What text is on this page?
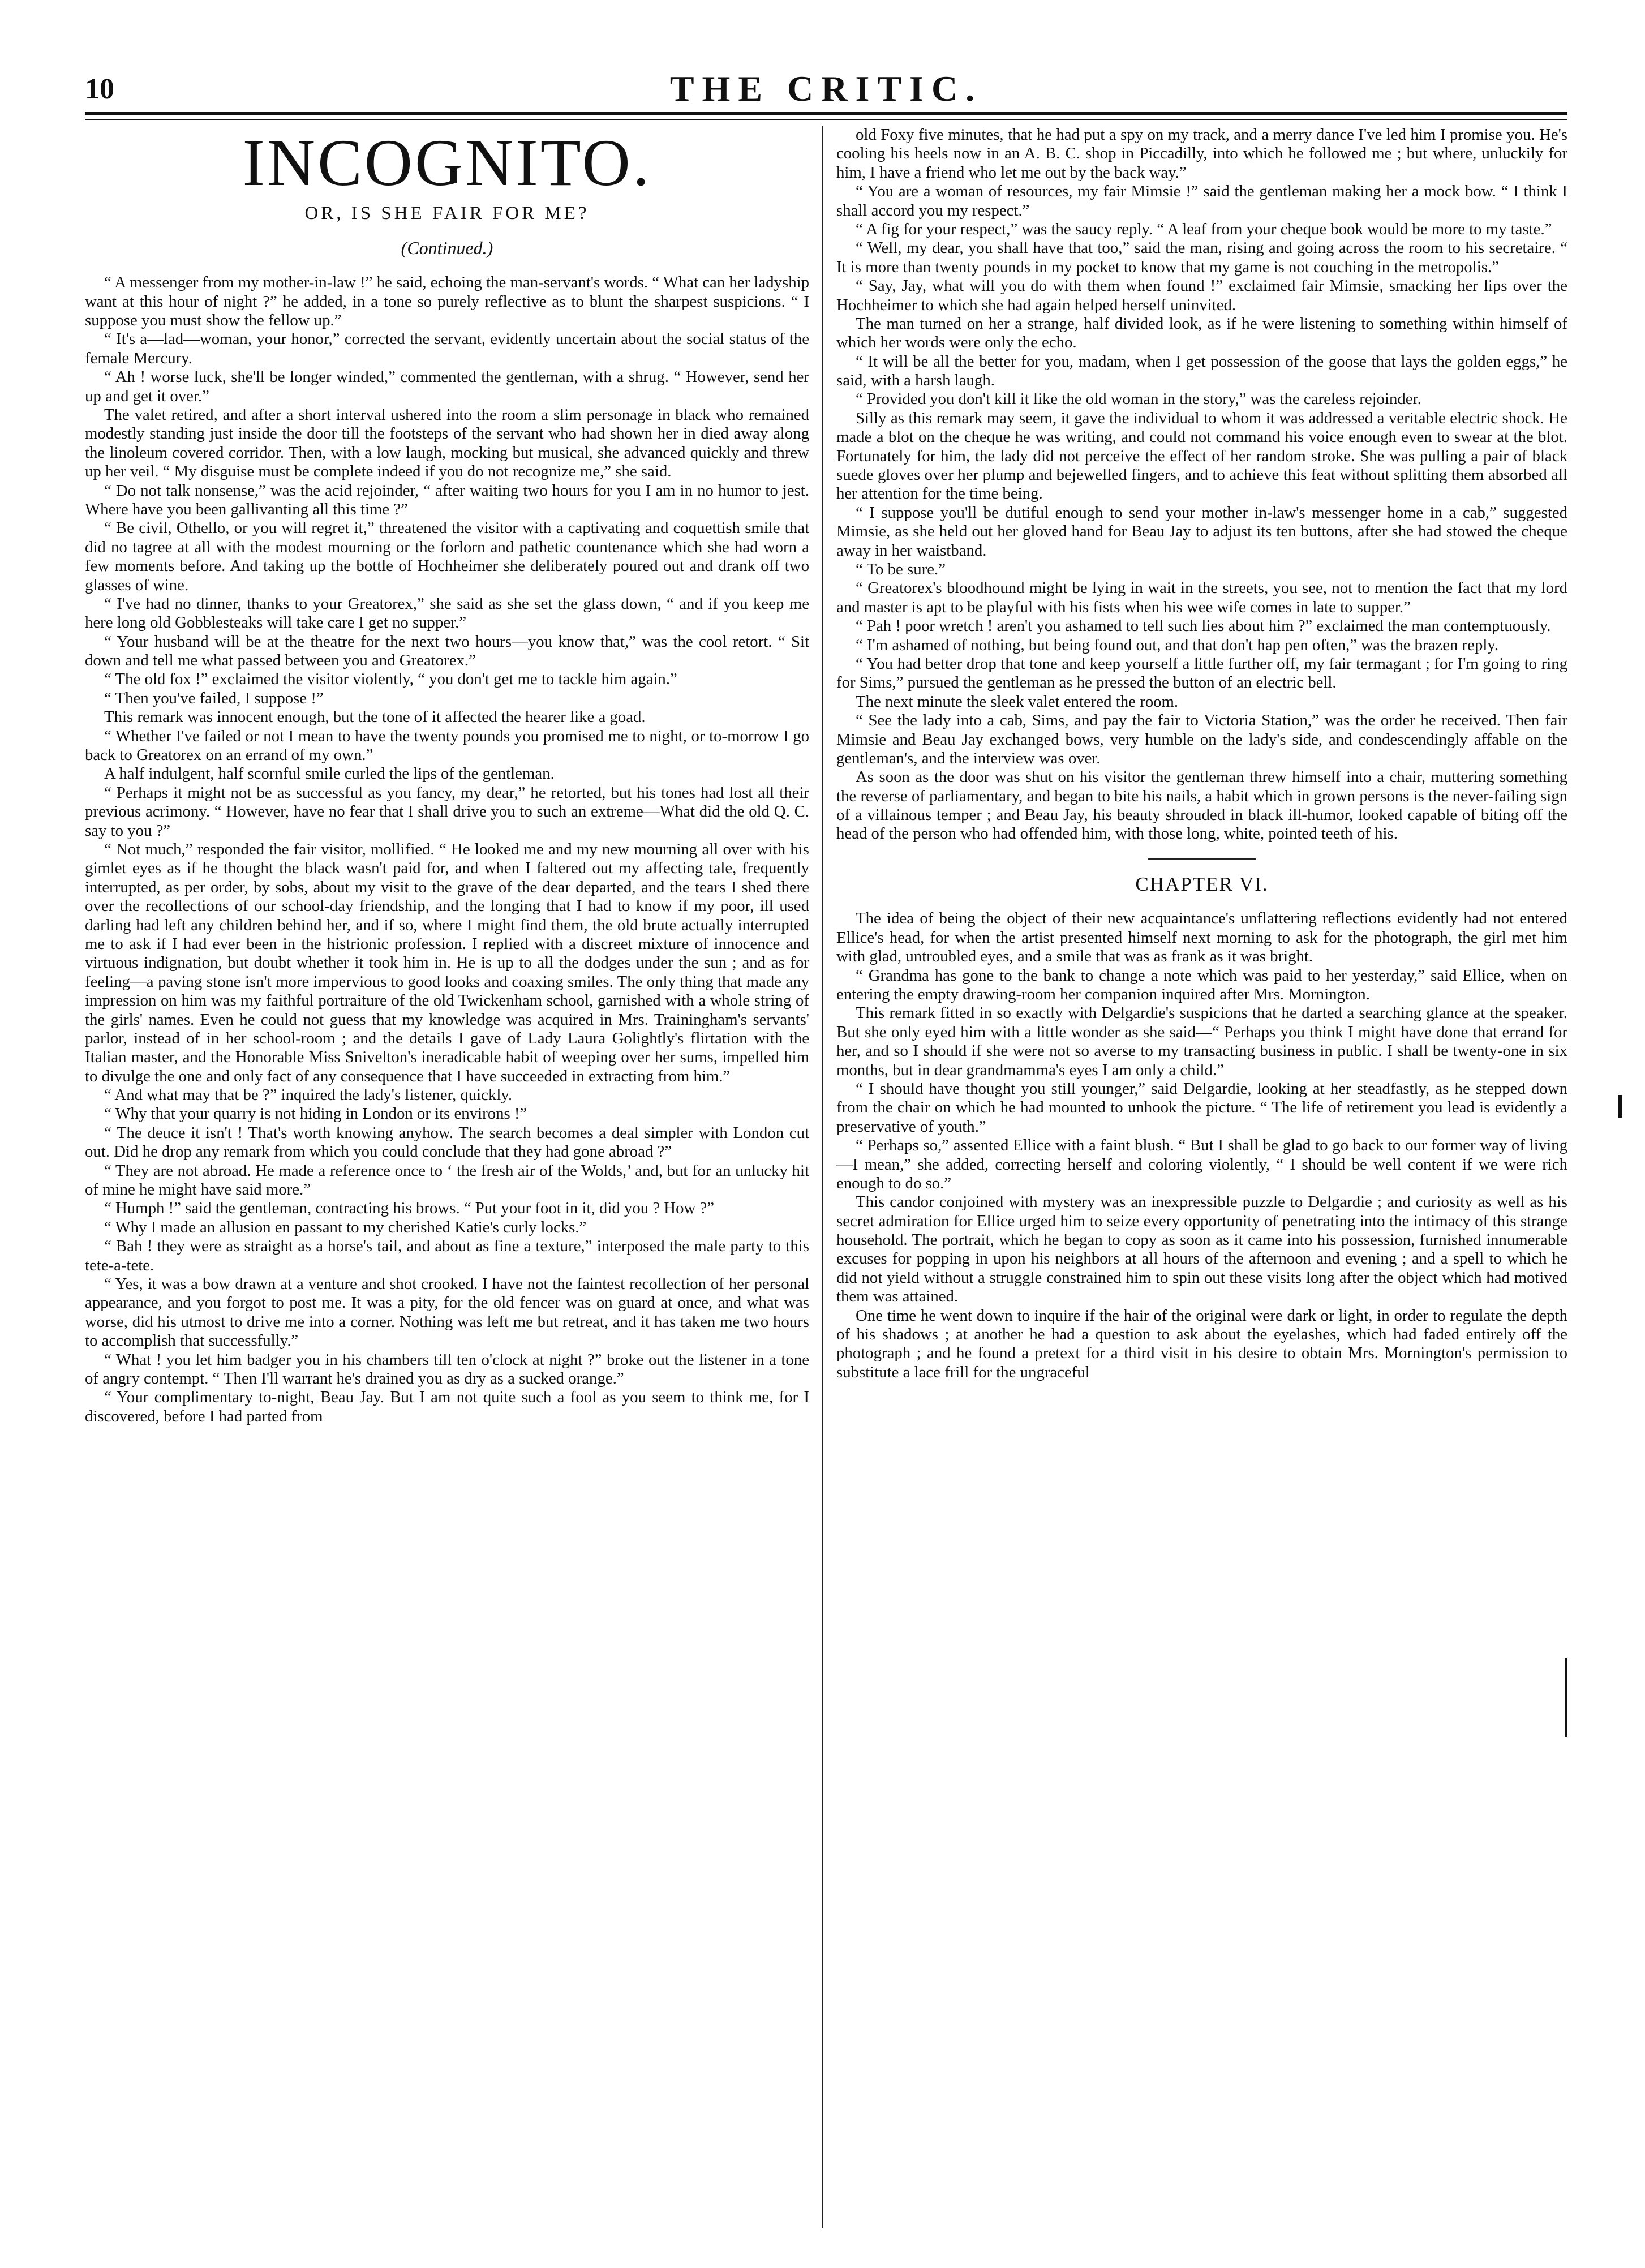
10	THE CRITIC.
INCOGNITO.
OR, IS SHE FAIR FOR ME?
(Continued.)

“ A messenger from my mother-in-law !” he said, echoing the man-servant's words. “ What can her ladyship want at this hour of night ?” he added, in a tone so purely reflective as to blunt the sharpest suspicions. “ I suppose you must show the fellow up.”

“ It's a—lad—woman, your honor,” corrected the servant, evidently uncertain about the social status of the female Mercury.

“ Ah ! worse luck, she'll be longer winded,” commented the gentleman, with a shrug. “ However, send her up and get it over.”

The valet retired, and after a short interval ushered into the room a slim personage in black who remained modestly standing just inside the door till the footsteps of the servant who had shown her in died away along the linoleum covered corridor. Then, with a low laugh, mocking but musical, she advanced quickly and threw up her veil. “ My disguise must be complete indeed if you do not recognize me,” she said.

“ Do not talk nonsense,” was the acid rejoinder, “ after waiting two hours for you I am in no humor to jest. Where have you been gallivanting all this time ?”

“ Be civil, Othello, or you will regret it,” threatened the visitor with a captivating and coquettish smile that did no tagree at all with the modest mourning or the forlorn and pathetic countenance which she had worn a few moments before. And taking up the bottle of Hochheimer she deliberately poured out and drank off two glasses of wine.

“ I've had no dinner, thanks to your Greatorex,” she said as she set the glass down, “ and if you keep me here long old Gobblesteaks will take care I get no supper.”

“ Your husband will be at the theatre for the next two hours—you know that,” was the cool retort. “ Sit down and tell me what passed between you and Greatorex.”

“ The old fox !” exclaimed the visitor violently, “ you don't get me to tackle him again.”

“ Then you've failed, I suppose !”

This remark was innocent enough, but the tone of it affected the hearer like a goad.

“ Whether I've failed or not I mean to have the twenty pounds you promised me to night, or to-morrow I go back to Greatorex on an errand of my own.”

A half indulgent, half scornful smile curled the lips of the gentleman.

“ Perhaps it might not be as successful as you fancy, my dear,” he retorted, but his tones had lost all their previous acrimony. “ However, have no fear that I shall drive you to such an extreme—What did the old Q. C. say to you ?”

“ Not much,” responded the fair visitor, mollified. “ He looked me and my new mourning all over with his gimlet eyes as if he thought the black wasn't paid for, and when I faltered out my affecting tale, frequently interrupted, as per order, by sobs, about my visit to the grave of the dear departed, and the tears I shed there over the recollections of our school-day friendship, and the longing that I had to know if my poor, ill used darling had left any children behind her, and if so, where I might find them, the old brute actually interrupted me to ask if I had ever been in the histrionic profession. I replied with a discreet mixture of innocence and virtuous indignation, but doubt whether it took him in. He is up to all the dodges under the sun ; and as for feeling—a paving stone isn't more impervious to good looks and coaxing smiles. The only thing that made any impression on him was my faithful portraiture of the old Twickenham school, garnished with a whole string of the girls' names. Even he could not guess that my knowledge was acquired in Mrs. Trainingham's servants' parlor, instead of in her school-room ; and the details I gave of Lady Laura Golightly's flirtation with the Italian master, and the Honorable Miss Snivelton's ineradicable habit of weeping over her sums, impelled him to divulge the one and only fact of any consequence that I have succeeded in extracting from him.”

“ And what may that be ?” inquired the lady's listener, quickly.

“ Why that your quarry is not hiding in London or its environs !”

“ The deuce it isn't ! That's worth knowing anyhow. The search becomes a deal simpler with London cut out. Did he drop any remark from which you could conclude that they had gone abroad ?”

“ They are not abroad. He made a reference once to ‘ the fresh air of the Wolds,’ and, but for an unlucky hit of mine he might have said more.”

“ Humph !” said the gentleman, contracting his brows. “ Put your foot in it, did you ? How ?”

“ Why I made an allusion en passant to my cherished Katie's curly locks.”

“ Bah ! they were as straight as a horse's tail, and about as fine a texture,” interposed the male party to this tete-a-tete.

“ Yes, it was a bow drawn at a venture and shot crooked. I have not the faintest recollection of her personal appearance, and you forgot to post me. It was a pity, for the old fencer was on guard at once, and what was worse, did his utmost to drive me into a corner. Nothing was left me but retreat, and it has taken me two hours to accomplish that successfully.”

“ What ! you let him badger you in his chambers till ten o'clock at night ?” broke out the listener in a tone of angry contempt. “ Then I'll warrant he's drained you as dry as a sucked orange.”

“ Your complimentary to-night, Beau Jay. But I am not quite such a fool as you seem to think me, for I discovered, before I had parted from

old Foxy five minutes, that he had put a spy on my track, and a merry dance I've led him I promise you. He's cooling his heels now in an A. B. C. shop in Piccadilly, into which he followed me ; but where, unluckily for him, I have a friend who let me out by the back way.”

“ You are a woman of resources, my fair Mimsie !” said the gentleman making her a mock bow. “ I think I shall accord you my respect.”

“ A fig for your respect,” was the saucy reply. “ A leaf from your cheque book would be more to my taste.”

“ Well, my dear, you shall have that too,” said the man, rising and going across the room to his secretaire. “ It is more than twenty pounds in my pocket to know that my game is not couching in the metropolis.”

“ Say, Jay, what will you do with them when found !” exclaimed fair Mimsie, smacking her lips over the Hochheimer to which she had again helped herself uninvited.

The man turned on her a strange, half divided look, as if he were listening to something within himself of which her words were only the echo.

“ It will be all the better for you, madam, when I get possession of the goose that lays the golden eggs,” he said, with a harsh laugh.

“ Provided you don't kill it like the old woman in the story,” was the careless rejoinder.

Silly as this remark may seem, it gave the individual to whom it was addressed a veritable electric shock. He made a blot on the cheque he was writing, and could not command his voice enough even to swear at the blot. Fortunately for him, the lady did not perceive the effect of her random stroke. She was pulling a pair of black suede gloves over her plump and bejewelled fingers, and to achieve this feat without splitting them absorbed all her attention for the time being.

“ I suppose you'll be dutiful enough to send your mother in-law's messenger home in a cab,” suggested Mimsie, as she held out her gloved hand for Beau Jay to adjust its ten buttons, after she had stowed the cheque away in her waistband.

“ To be sure.”

“ Greatorex's bloodhound might be lying in wait in the streets, you see, not to mention the fact that my lord and master is apt to be playful with his fists when his wee wife comes in late to supper.”

“ Pah ! poor wretch ! aren't you ashamed to tell such lies about him ?” exclaimed the man contemptuously.

“ I'm ashamed of nothing, but being found out, and that don't hap pen often,” was the brazen reply.

“ You had better drop that tone and keep yourself a little further off, my fair termagant ; for I'm going to ring for Sims,” pursued the gentleman as he pressed the button of an electric bell.

The next minute the sleek valet entered the room.

“ See the lady into a cab, Sims, and pay the fair to Victoria Station,” was the order he received. Then fair Mimsie and Beau Jay exchanged bows, very humble on the lady's side, and condescendingly affable on the gentleman's, and the interview was over.

As soon as the door was shut on his visitor the gentleman threw himself into a chair, muttering something the reverse of parliamentary, and began to bite his nails, a habit which in grown persons is the never-failing sign of a villainous temper ; and Beau Jay, his beauty shrouded in black ill-humor, looked capable of biting off the head of the person who had offended him, with those long, white, pointed teeth of his.

CHAPTER VI.

The idea of being the object of their new acquaintance's unflattering reflections evidently had not entered Ellice's head, for when the artist presented himself next morning to ask for the photograph, the girl met him with glad, untroubled eyes, and a smile that was as frank as it was bright.

“ Grandma has gone to the bank to change a note which was paid to her yesterday,” said Ellice, when on entering the empty drawing-room her companion inquired after Mrs. Mornington.

This remark fitted in so exactly with Delgardie's suspicions that he darted a searching glance at the speaker. But she only eyed him with a little wonder as she said—“ Perhaps you think I might have done that errand for her, and so I should if she were not so averse to my transacting business in public. I shall be twenty-one in six months, but in dear grandmamma's eyes I am only a child.”

“ I should have thought you still younger,” said Delgardie, looking at her steadfastly, as he stepped down from the chair on which he had mounted to unhook the picture. “ The life of retirement you lead is evidently a preservative of youth.”

“ Perhaps so,” assented Ellice with a faint blush. “ But I shall be glad to go back to our former way of living—I mean,” she added, correcting herself and coloring violently, “ I should be well content if we were rich enough to do so.”

This candor conjoined with mystery was an inexpressible puzzle to Delgardie ; and curiosity as well as his secret admiration for Ellice urged him to seize every opportunity of penetrating into the intimacy of this strange household. The portrait, which he began to copy as soon as it came into his possession, furnished innumerable excuses for popping in upon his neighbors at all hours of the afternoon and evening ; and a spell to which he did not yield without a struggle constrained him to spin out these visits long after the object which had motived them was attained.

One time he went down to inquire if the hair of the original were dark or light, in order to regulate the depth of his shadows ; at another he had a question to ask about the eyelashes, which had faded entirely off the photograph ; and he found a pretext for a third visit in his desire to obtain Mrs. Mornington's permission to substitute a lace frill for the ungraceful
